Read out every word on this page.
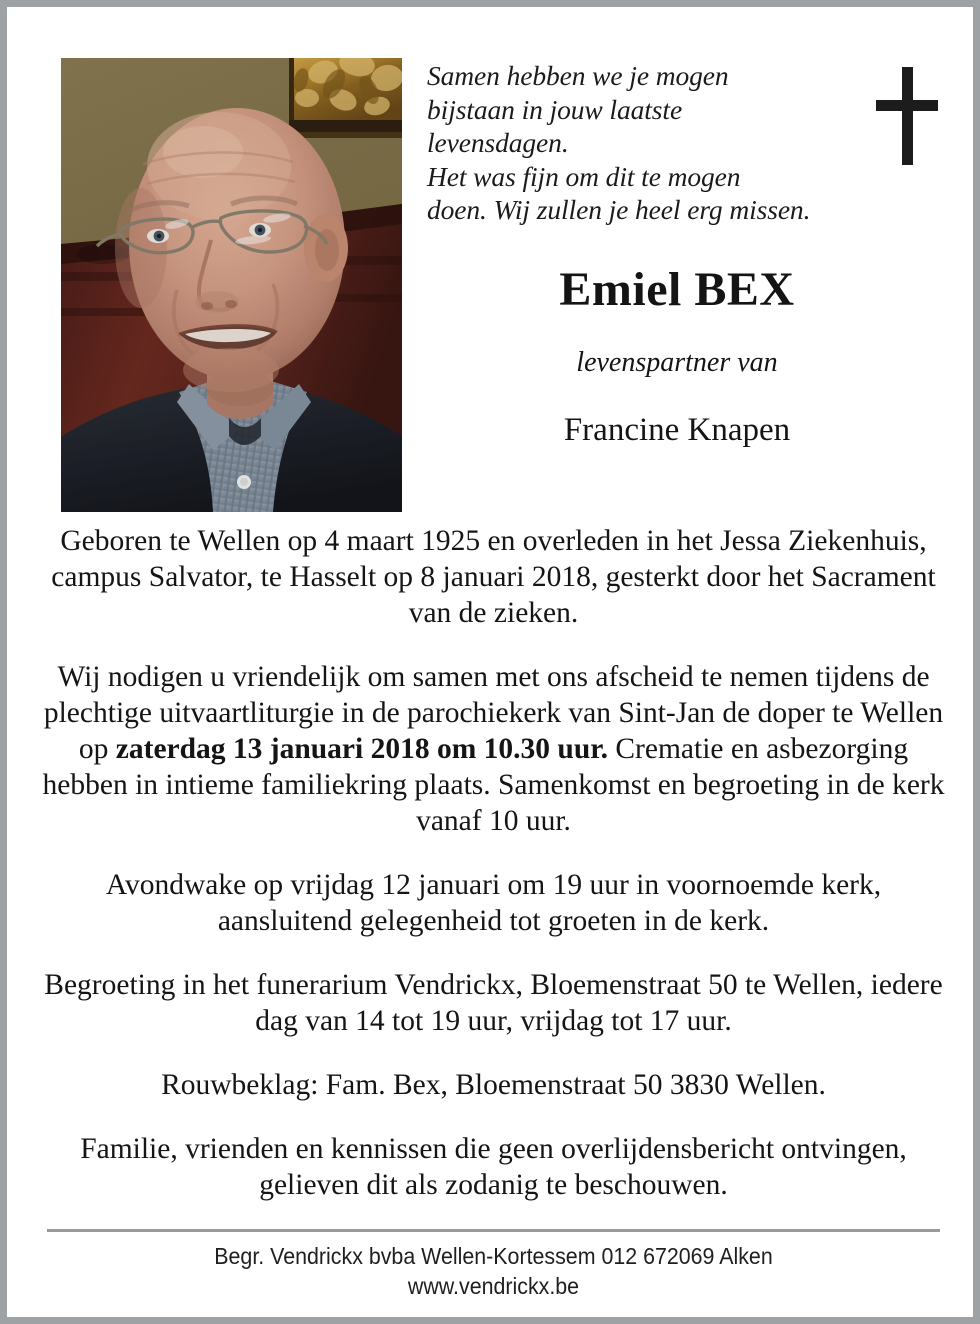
Samen hebben we je mogen
bijstaan in jouw laatste
levensdagen.
Het was fijn om dit te mogen
doen. Wij zullen je heel erg missen.
Emiel BEX
levenspartner van
Francine Knapen

Geboren te Wellen op 4 maart 1925 en overleden in het Jessa Ziekenhuis, campus Salvator, te Hasselt op 8 januari 2018, gesterkt door het Sacrament van de zieken.

Wij nodigen u vriendelijk om samen met ons afscheid te nemen tijdens de plechtige uitvaartliturgie in de parochiekerk van Sint-Jan de doper te Wellen op zaterdag 13 januari 2018 om 10.30 uur. Crematie en asbezorging hebben in intieme familiekring plaats. Samenkomst en begroeting in de kerk vanaf 10 uur.

Avondwake op vrijdag 12 januari om 19 uur in voornoemde kerk, aansluitend gelegenheid tot groeten in de kerk.

Begroeting in het funerarium Vendrickx, Bloemenstraat 50 te Wellen, iedere dag van 14 tot 19 uur, vrijdag tot 17 uur.

Rouwbeklag: Fam. Bex, Bloemenstraat 50 3830 Wellen.

Familie, vrienden en kennissen die geen overlijdensbericht ontvingen, gelieven dit als zodanig te beschouwen.

Begr. Vendrickx bvba Wellen-Kortessem 012 672069 Alken
www.vendrickx.be
